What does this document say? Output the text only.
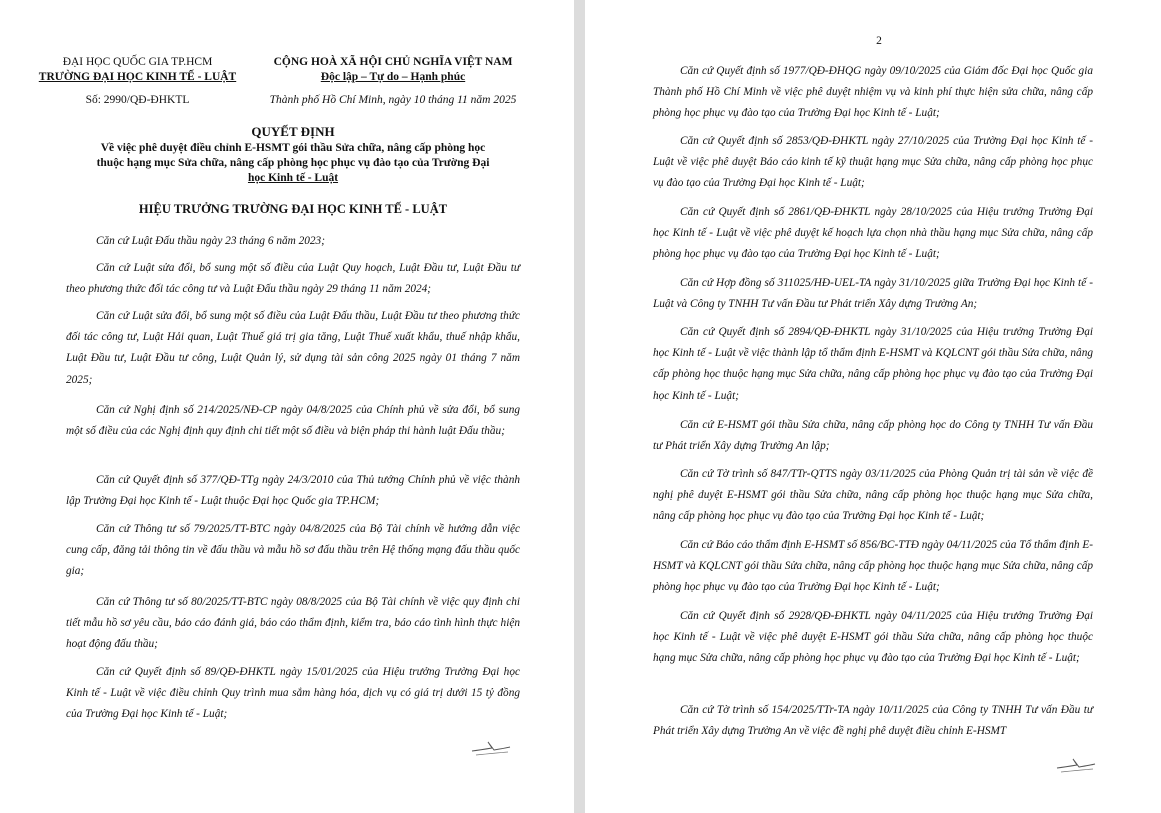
ĐẠI HỌC QUỐC GIA TP.HCM
TRƯỜNG ĐẠI HỌC KINH TẾ - LUẬT
Số: 2990/QĐ-ĐHKTL
CỘNG HOÀ XÃ HỘI CHỦ NGHĨA VIỆT NAM
Độc lập – Tự do – Hạnh phúc
Thành phố Hồ Chí Minh, ngày 10 tháng 11 năm 2025
QUYẾT ĐỊNH
Về việc phê duyệt điều chỉnh E-HSMT gói thầu Sửa chữa, nâng cấp phòng học
thuộc hạng mục Sửa chữa, nâng cấp phòng học phục vụ đào tạo của Trường Đại
học Kinh tế - Luật
HIỆU TRƯỞNG TRƯỜNG ĐẠI HỌC KINH TẾ - LUẬT

Căn cứ Luật Đấu thầu ngày 23 tháng 6 năm 2023;

Căn cứ Luật sửa đổi, bổ sung một số điều của Luật Quy hoạch, Luật Đầu tư, Luật Đầu tư theo phương thức đối tác công tư và Luật Đấu thầu ngày 29 tháng 11 năm 2024;

Căn cứ Luật sửa đổi, bổ sung một số điều của Luật Đấu thầu, Luật Đầu tư theo phương thức đối tác công tư, Luật Hải quan, Luật Thuế giá trị gia tăng, Luật Thuế xuất khẩu, thuế nhập khẩu, Luật Đầu tư, Luật Đầu tư công, Luật Quản lý, sử dụng tài sản công 2025 ngày 01 tháng 7 năm 2025;

Căn cứ Nghị định số 214/2025/NĐ-CP ngày 04/8/2025 của Chính phủ về sửa đổi, bổ sung một số điều của các Nghị định quy định chi tiết một số điều và biện pháp thi hành luật Đấu thầu;

Căn cứ Quyết định số 377/QĐ-TTg ngày 24/3/2010 của Thủ tướng Chính phủ về việc thành lập Trường Đại học Kinh tế - Luật thuộc Đại học Quốc gia TP.HCM;

Căn cứ Thông tư số 79/2025/TT-BTC ngày 04/8/2025 của Bộ Tài chính về hướng dẫn việc cung cấp, đăng tải thông tin về đấu thầu và mẫu hồ sơ đấu thầu trên Hệ thống mạng đấu thầu quốc gia;

Căn cứ Thông tư số 80/2025/TT-BTC ngày 08/8/2025 của Bộ Tài chính về việc quy định chi tiết mẫu hồ sơ yêu cầu, báo cáo đánh giá, báo cáo thẩm định, kiểm tra, báo cáo tình hình thực hiện hoạt động đấu thầu;

Căn cứ Quyết định số 89/QĐ-ĐHKTL ngày 15/01/2025 của Hiệu trưởng Trường Đại học Kinh tế - Luật về việc điều chỉnh Quy trình mua sắm hàng hóa, dịch vụ có giá trị dưới 15 tỷ đồng của Trường Đại học Kinh tế - Luật;

2

Căn cứ Quyết định số 1977/QĐ-ĐHQG ngày 09/10/2025 của Giám đốc Đại học Quốc gia Thành phố Hồ Chí Minh về việc phê duyệt nhiệm vụ và kinh phí thực hiện sửa chữa, nâng cấp phòng học phục vụ đào tạo của Trường Đại học Kinh tế - Luật;

Căn cứ Quyết định số 2853/QĐ-ĐHKTL ngày 27/10/2025 của Trường Đại học Kinh tế - Luật về việc phê duyệt Báo cáo kinh tế kỹ thuật hạng mục Sửa chữa, nâng cấp phòng học phục vụ đào tạo của Trường Đại học Kinh tế - Luật;

Căn cứ Quyết định số 2861/QĐ-ĐHKTL ngày 28/10/2025 của Hiệu trưởng Trường Đại học Kinh tế - Luật về việc phê duyệt kế hoạch lựa chọn nhà thầu hạng mục Sửa chữa, nâng cấp phòng học phục vụ đào tạo của Trường Đại học Kinh tế - Luật;

Căn cứ Hợp đồng số 311025/HĐ-UEL-TA ngày 31/10/2025 giữa Trường Đại học Kinh tế - Luật và Công ty TNHH Tư vấn Đầu tư Phát triển Xây dựng Trường An;

Căn cứ Quyết định số 2894/QĐ-ĐHKTL ngày 31/10/2025 của Hiệu trưởng Trường Đại học Kinh tế - Luật về việc thành lập tổ thẩm định E-HSMT và KQLCNT gói thầu Sửa chữa, nâng cấp phòng học thuộc hạng mục Sửa chữa, nâng cấp phòng học phục vụ đào tạo của Trường Đại học Kinh tế - Luật;

Căn cứ E-HSMT gói thầu Sửa chữa, nâng cấp phòng học do Công ty TNHH Tư vấn Đầu tư Phát triển Xây dựng Trường An lập;

Căn cứ Tờ trình số 847/TTr-QTTS ngày 03/11/2025 của Phòng Quản trị tài sản về việc đề nghị phê duyệt E-HSMT gói thầu Sửa chữa, nâng cấp phòng học thuộc hạng mục Sửa chữa, nâng cấp phòng học phục vụ đào tạo của Trường Đại học Kinh tế - Luật;

Căn cứ Báo cáo thẩm định E-HSMT số 856/BC-TTĐ ngày 04/11/2025 của Tổ thẩm định E-HSMT và KQLCNT gói thầu Sửa chữa, nâng cấp phòng học thuộc hạng mục Sửa chữa, nâng cấp phòng học phục vụ đào tạo của Trường Đại học Kinh tế - Luật;

Căn cứ Quyết định số 2928/QĐ-ĐHKTL ngày 04/11/2025 của Hiệu trưởng Trường Đại học Kinh tế - Luật về việc phê duyệt E-HSMT gói thầu Sửa chữa, nâng cấp phòng học thuộc hạng mục Sửa chữa, nâng cấp phòng học phục vụ đào tạo của Trường Đại học Kinh tế - Luật;

Căn cứ Tờ trình số 154/2025/TTr-TA ngày 10/11/2025 của Công ty TNHH Tư vấn Đầu tư Phát triển Xây dựng Trường An về việc đề nghị phê duyệt điều chỉnh E-HSMT
